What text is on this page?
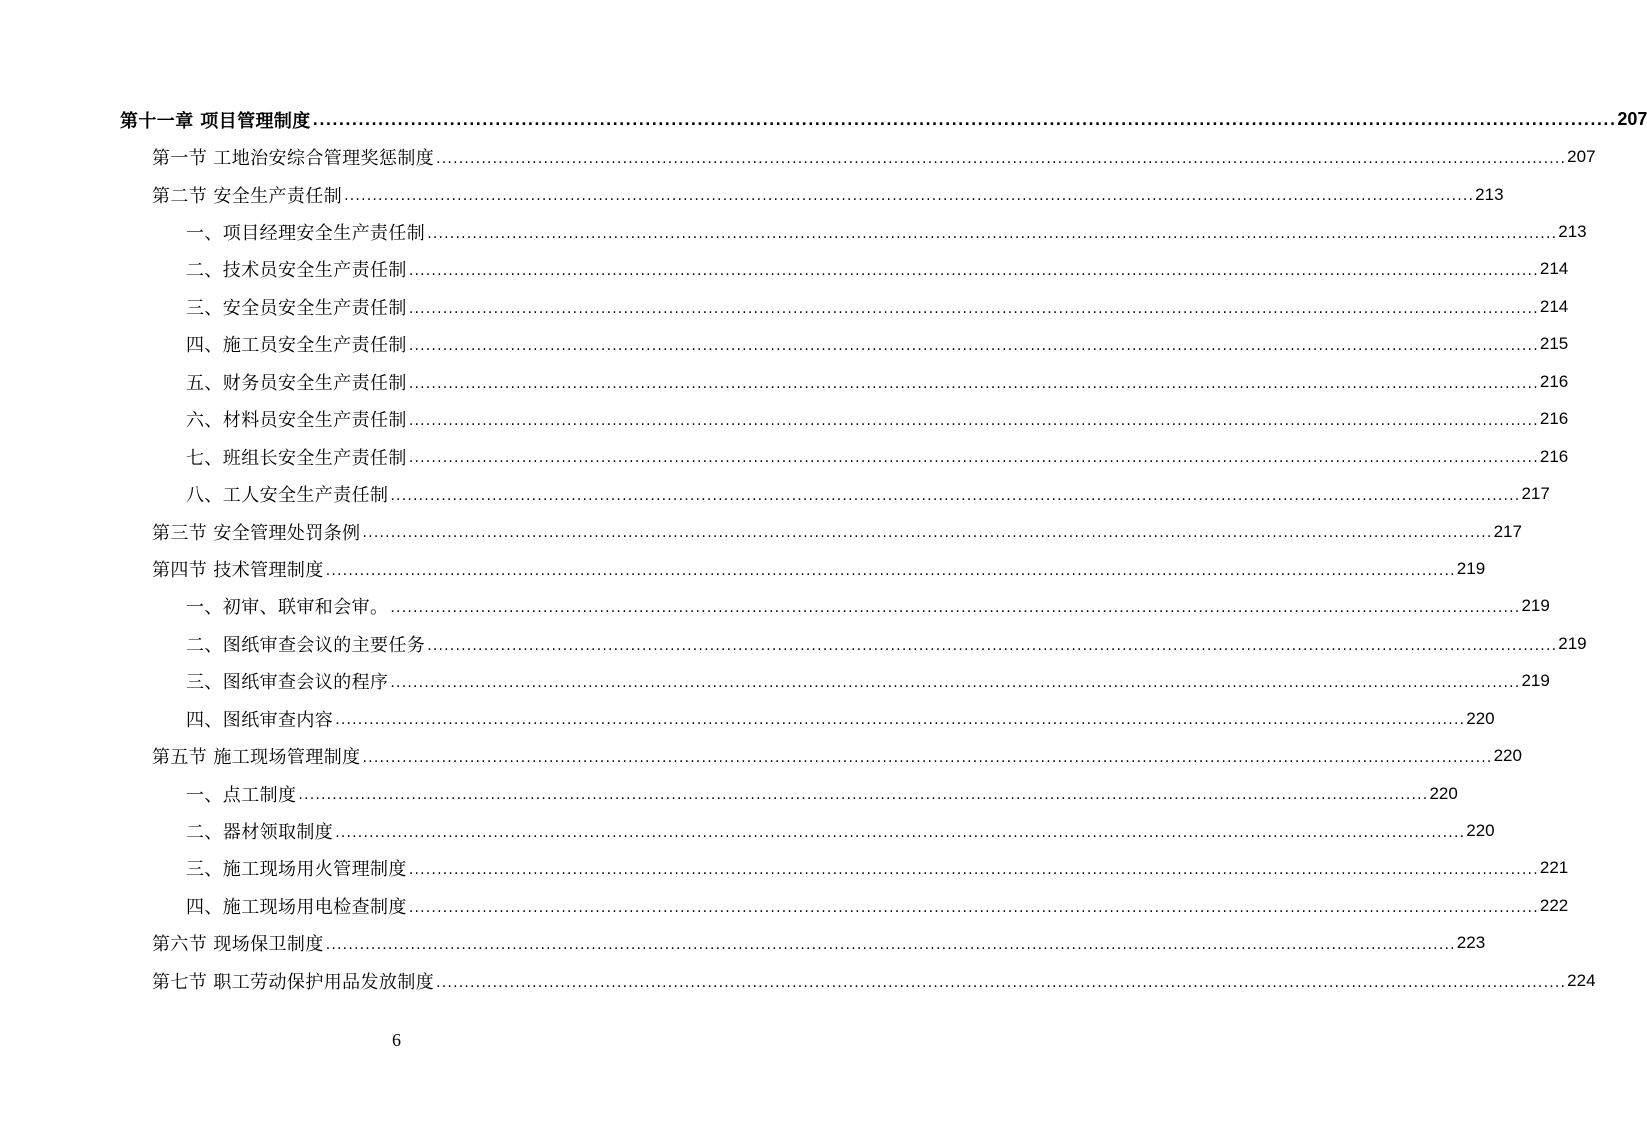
第十一章 项目管理制度 ........................................................................................................................................................................................................ 207
第一节 工地治安综合管理奖惩制度 ........................................................................................................................................................................................................ 207
第二节 安全生产责任制 ........................................................................................................................................................................................................ 213
一、项目经理安全生产责任制 ........................................................................................................................................................................................................ 213
二、技术员安全生产责任制 ........................................................................................................................................................................................................ 214
三、安全员安全生产责任制 ........................................................................................................................................................................................................ 214
四、施工员安全生产责任制 ........................................................................................................................................................................................................ 215
五、财务员安全生产责任制 ........................................................................................................................................................................................................ 216
六、材料员安全生产责任制 ........................................................................................................................................................................................................ 216
七、班组长安全生产责任制 ........................................................................................................................................................................................................ 216
八、工人安全生产责任制 ........................................................................................................................................................................................................ 217
第三节 安全管理处罚条例 ........................................................................................................................................................................................................ 217
第四节 技术管理制度 ........................................................................................................................................................................................................ 219
一、初审、联审和会审。 ........................................................................................................................................................................................................ 219
二、图纸审查会议的主要任务 ........................................................................................................................................................................................................ 219
三、图纸审查会议的程序 ........................................................................................................................................................................................................ 219
四、图纸审查内容 ........................................................................................................................................................................................................ 220
第五节 施工现场管理制度 ........................................................................................................................................................................................................ 220
一、点工制度 ........................................................................................................................................................................................................ 220
二、器材领取制度 ........................................................................................................................................................................................................ 220
三、施工现场用火管理制度 ........................................................................................................................................................................................................ 221
四、施工现场用电检查制度 ........................................................................................................................................................................................................ 222
第六节 现场保卫制度 ........................................................................................................................................................................................................ 223
第七节 职工劳动保护用品发放制度 ........................................................................................................................................................................................................ 224
6
